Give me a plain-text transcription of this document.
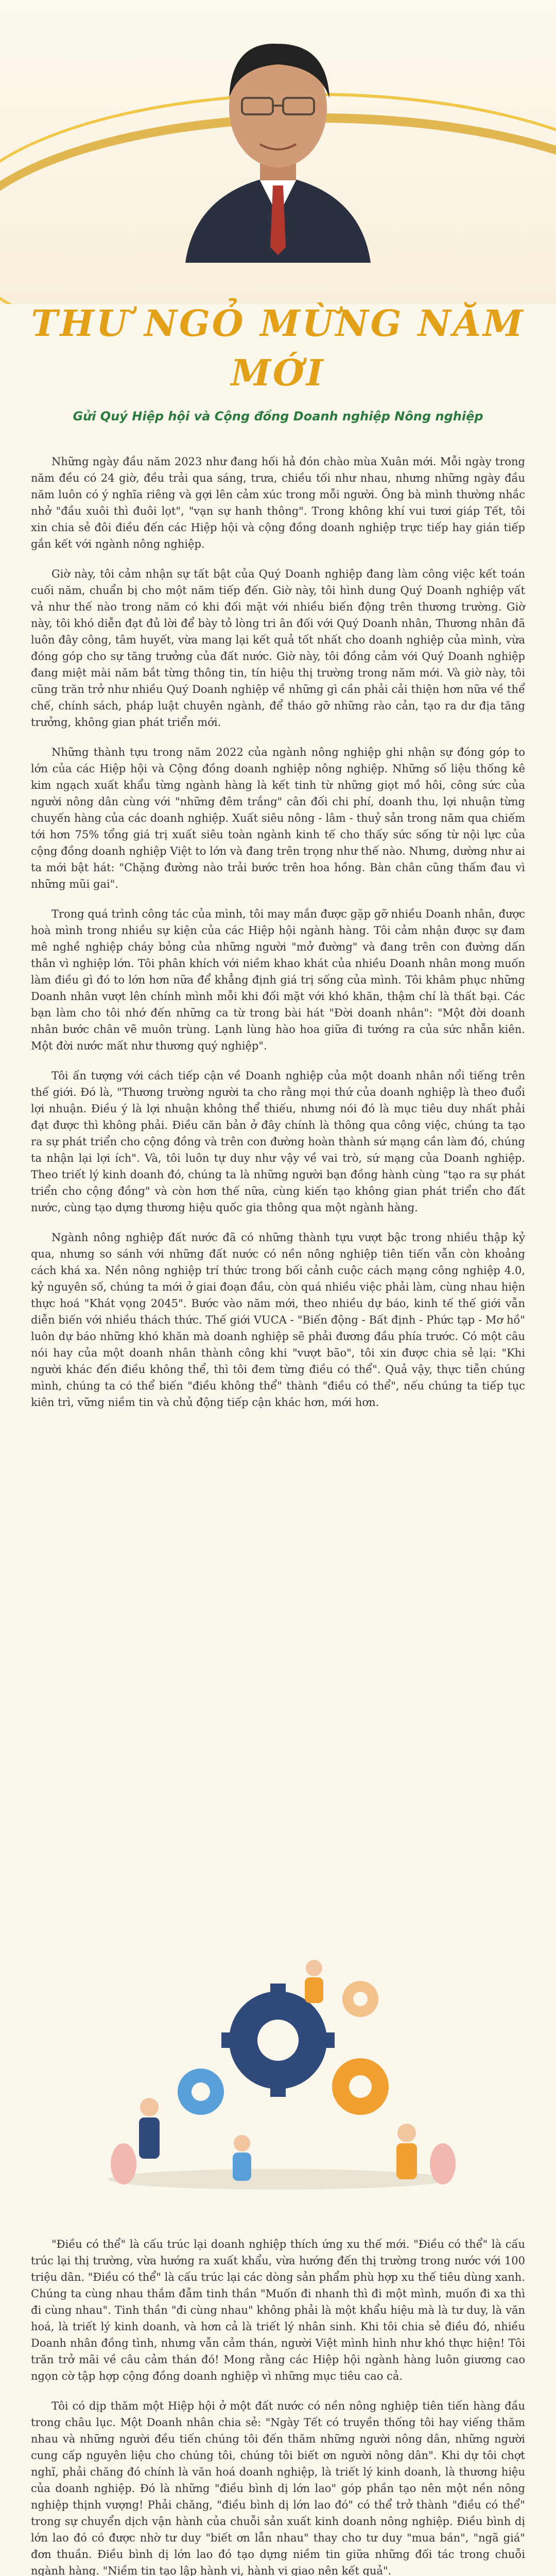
THƯ NGỎ MỪNG NĂM MỚI
Gửi Quý Hiệp hội và Cộng đồng Doanh nghiệp Nông nghiệp

Những ngày đầu năm 2023 như đang hối hả đón chào mùa Xuân mới. Mỗi ngày trong năm đều có 24 giờ, đều trải qua sáng, trưa, chiều tối như nhau, nhưng những ngày đầu năm luôn có ý nghĩa riêng và gợi lên cảm xúc trong mỗi người. Ông bà mình thường nhắc nhở "đầu xuôi thì đuôi lọt", "vạn sự hanh thông". Trong không khí vui tươi giáp Tết, tôi xin chia sẻ đôi điều đến các Hiệp hội và cộng đồng doanh nghiệp trực tiếp hay gián tiếp gắn kết với ngành nông nghiệp.

Giờ này, tôi cảm nhận sự tất bật của Quý Doanh nghiệp đang làm công việc kết toán cuối năm, chuẩn bị cho một năm tiếp đến. Giờ này, tôi hình dung Quý Doanh nghiệp vất vả như thế nào trong năm có khi đối mặt với nhiều biến động trên thương trường. Giờ này, tôi khó diễn đạt đủ lời để bày tỏ lòng tri ân đối với Quý Doanh nhân, Thương nhân đã luôn đây công, tâm huyết, vừa mang lại kết quả tốt nhất cho doanh nghiệp của mình, vừa đóng góp cho sự tăng trưởng của đất nước. Giờ này, tôi đồng cảm với Quý Doanh nghiệp đang miệt mài năm bắt từng thông tin, tín hiệu thị trường trong năm mới. Và giờ này, tôi cũng trăn trở như nhiều Quý Doanh nghiệp về những gì cần phải cải thiện hơn nữa về thể chế, chính sách, pháp luật chuyên ngành, để tháo gỡ những rào cản, tạo ra dư địa tăng trưởng, không gian phát triển mới.

Những thành tựu trong năm 2022 của ngành nông nghiệp ghi nhận sự đóng góp to lớn của các Hiệp hội và Cộng đồng doanh nghiệp nông nghiệp. Những số liệu thống kê kim ngạch xuất khẩu từng ngành hàng là kết tinh từ những giọt mồ hôi, công sức của người nông dân cùng với "những đêm trắng" cân đối chi phí, doanh thu, lợi nhuận từng chuyến hàng của các doanh nghiệp. Xuất siêu nông - lâm - thuỷ sản trong năm qua chiếm tới hơn 75% tổng giá trị xuất siêu toàn ngành kinh tế cho thấy sức sống từ nội lực của cộng đồng doanh nghiệp Việt to lớn và đang trên trọng như thế nào. Nhưng, dường như ai ta mới bật hát: "Chặng đường nào trải bước trên hoa hồng. Bàn chân cũng thấm đau vì những mũi gai".

Trong quá trình công tác của mình, tôi may mắn được gặp gỡ nhiều Doanh nhân, được hoà mình trong nhiều sự kiện của các Hiệp hội ngành hàng. Tôi cảm nhận được sự đam mê nghề nghiệp cháy bỏng của những người "mở đường" và đang trên con đường dấn thân vì nghiệp lớn. Tôi phân khích với niềm khao khát của nhiều Doanh nhân mong muốn làm điều gì đó to lớn hơn nữa để khẳng định giá trị sống của mình. Tôi khâm phục những Doanh nhân vượt lên chính mình mỗi khi đối mặt với khó khăn, thậm chí là thất bại. Các bạn làm cho tôi nhớ đến những ca từ trong bài hát "Đời doanh nhân": "Một đời doanh nhân bước chân vẽ muôn trùng. Lạnh lùng hào hoa giữa đi tướng ra của sức nhẫn kiên. Một đời nước mất như thương quý nghiệp".

Tôi ấn tượng với cách tiếp cận về Doanh nghiệp của một doanh nhân nổi tiếng trên thế giới. Đó là, "Thương trường người ta cho rằng mọi thứ của doanh nghiệp là theo đuổi lợi nhuận. Điều ý là lợi nhuận không thể thiếu, nhưng nói đó là mục tiêu duy nhất phải đạt được thì không phải. Điều căn bản ở đây chính là thông qua công việc, chúng ta tạo ra sự phát triển cho cộng đồng và trên con đường hoàn thành sứ mạng cần làm đó, chúng ta nhận lại lợi ích". Và, tôi luôn tự duy như vậy về vai trò, sứ mạng của Doanh nghiệp. Theo triết lý kinh doanh đó, chúng ta là những người bạn đồng hành cùng "tạo ra sự phát triển cho cộng đồng" và còn hơn thế nữa, cùng kiến tạo không gian phát triển cho đất nước, cùng tạo dựng thương hiệu quốc gia thông qua một ngành hàng.

Ngành nông nghiệp đất nước đã có những thành tựu vượt bậc trong nhiều thập kỷ qua, nhưng so sánh với những đất nước có nền nông nghiệp tiên tiến vẫn còn khoảng cách khá xa. Nền nông nghiệp trí thức trong bối cảnh cuộc cách mạng công nghiệp 4.0, kỷ nguyên số, chúng ta mới ở giai đoạn đầu, còn quá nhiều việc phải làm, cùng nhau hiện thực hoá "Khát vọng 2045". Bước vào năm mới, theo nhiều dự báo, kinh tế thế giới vẫn diễn biến với nhiều thách thức. Thế giới VUCA - "Biến động - Bất định - Phức tạp - Mơ hồ" luôn dự báo những khó khăn mà doanh nghiệp sẽ phải đương đầu phía trước. Có một câu nói hay của một doanh nhân thành công khi "vượt bão", tôi xin được chia sẻ lại: "Khi người khác đến điều không thể, thì tôi đem từng điều có thể". Quả vậy, thực tiễn chúng mình, chúng ta có thể biến "điều không thể" thành "điều có thể", nếu chúng ta tiếp tục kiên trì, vững niềm tin và chủ động tiếp cận khác hơn, mới hơn.

"Điều có thể" là cấu trúc lại doanh nghiệp thích ứng xu thế mới. "Điều có thể" là cấu trúc lại thị trường, vừa hướng ra xuất khẩu, vừa hướng đến thị trường trong nước với 100 triệu dân. "Điều có thể" là cấu trúc lại các dòng sản phẩm phù hợp xu thế tiêu dùng xanh. Chúng ta cùng nhau thắm đẫm tinh thần "Muốn đi nhanh thì đi một mình, muốn đi xa thì đi cùng nhau". Tinh thần "đi cùng nhau" không phải là một khẩu hiệu mà là tư duy, là văn hoá, là triết lý kinh doanh, và hơn cả là triết lý nhân sinh. Khi tôi chia sẻ điều đó, nhiều Doanh nhân đồng tình, nhưng vẫn cảm thán, người Việt mình hình như khó thực hiện! Tôi trăn trở mãi về câu cảm thán đó! Mong rằng các Hiệp hội ngành hàng luôn giương cao ngọn cờ tập hợp cộng đồng doanh nghiệp vì những mục tiêu cao cả.

Tôi có dịp thăm một Hiệp hội ở một đất nước có nền nông nghiệp tiên tiến hàng đầu trong châu lục. Một Doanh nhân chia sẻ: "Ngày Tết có truyền thống tôi hay viếng thăm nhau và những người đều tiến chúng tôi đến thăm những người nông dân, những người cung cấp nguyên liệu cho chúng tôi, chúng tôi biết ơn người nông dân". Khi dự tôi chợt nghĩ, phải chăng đó chính là văn hoá doanh nghiệp, là triết lý kinh doanh, là thương hiệu của doanh nghiệp. Đó là những "điều bình dị lớn lao" góp phần tạo nên một nền nông nghiệp thịnh vượng! Phải chăng, "điều bình dị lớn lao đó" có thể trở thành "điều có thể" trong sự chuyển dịch vận hành của chuỗi sản xuất kinh doanh nông nghiệp. Điều bình dị lớn lao đó có được nhờ tư duy "biết ơn lẫn nhau" thay cho tư duy "mua bán", "ngã giá" đơn thuần. Điều bình dị lớn lao đó tạo dựng niềm tin giữa những đối tác trong chuỗi ngành hàng. "Niềm tin tạo lập hành vi, hành vi giao nên kết quả".
